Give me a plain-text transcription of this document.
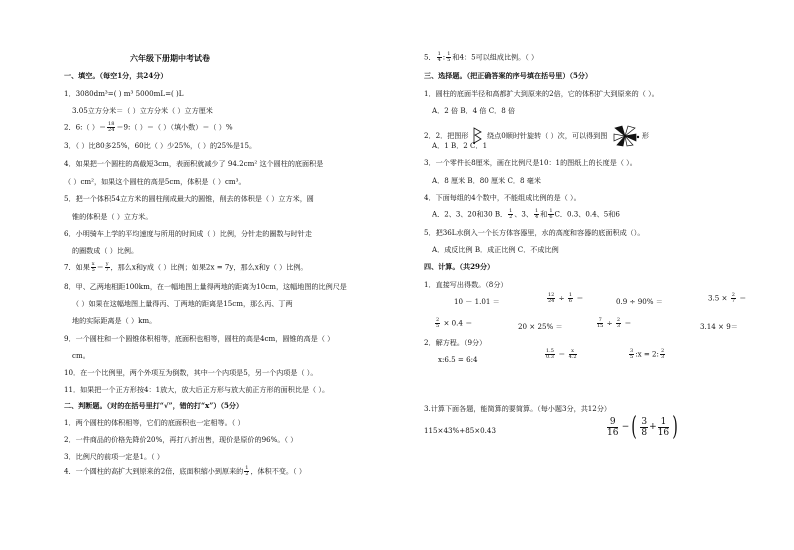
六年级下册期中考试卷
一、填空。（每空1分，共24分）
1．3080dm³=( ) m³ 5000mL=( )L
3.05立方分米＝（ ）立方分米（ ）立方厘米
2．6:（ ）＝ $\frac{18}{24}$ ＝9:（ ）＝（ ）（填小数）＝（ ）%
3．（ ）比80多25%，60比（ ）少25%，（ ）的25%是15。
4．如果把一个圆柱的高截短3cm，表面积就减少了 94.2cm² 这个圆柱的底面积是
（ ）cm²，如果这个圆柱的高是5cm，体积是（ ）cm³。
5．把一个体积54立方米的圆柱削成最大的圆锥，削去的体积是（ ）立方米，圆
锥的体积是（ ）立方米。
6．小明骑车上学的平均速度与所用的时间成（ ）比例，分针走的圈数与时针走
的圈数成（ ）比例。
7．如果 $\frac{x}{5} = \frac{y}{7}$ ，那么x和y成（ ）比例；如果2x = 7y，那么x和y（ ）比例。
8．甲、乙两地相距100km，在一幅地图上量得两地的距离为10cm，这幅地图的比例尺是
（ ）如果在这幅地图上量得丙、丁两地的距离是15cm，那么丙、丁两
地的实际距离是（ ）km。
9．一个圆柱和一个圆锥体积相等，底面积也相等，圆柱的高是4cm，圆锥的高是（ ）
cm。
10．在一个比例里，两个外项互为倒数，其中一个内项是5，另一个内项是（ ）。
11．如果把一个正方形按4：1放大，放大后正方形与放大前正方形的面积比是（ ）。
二、判断题。（对的在括号里打“√”，错的打“x”）（5分）
1．两个圆柱的体积相等，它们的底面积也一定相等。（ ）
2．一件商品的价格先降价20%，再打八折出售，现价是原价的96%。（ ）
3．比例尺的前项一定是1。（ ）
4．一个圆柱的高扩大到原来的2倍，底面积缩小到原来的 $\frac{1}{2}$ ，体积不变。（ ）
5． $\frac{1}{4}$ : $\frac{1}{5}$ 和4：5可以组成比例。（ ）
三、选择题。（把正确答案的序号填在括号里）（5分）
1．圆柱的底面半径和高都扩大到原来的2倍，它的体积扩大到原来的（ ）。
A．2 倍 B．4 倍 C．8 倍
2．2．把图形	绕点0顺时针旋转（ ）次，可以得到图	形
A．1 B．2 C．1
3．一个零件长8厘米，画在比例尺是10：1的图纸上的长度是（ ）。
A．8 厘米 B．80 厘米 C．8 毫米
4．下面每组的4个数中，不能组成比例的是（ ）。
A．2、3、20和30 B． $\frac{1}{2}$ 、3、 $\frac{1}{4}$ 和 $\frac{1}{6}$ C．0.3、0.4、5和6
5．把36L水倒入一个长方体容器里，水的高度和容器的底面积成（）。
A．成反比例 B．成正比例 C．不成比例
四、计算。（共29分）
1．直接写出得数。（8分）
10 － 1.01 ＝	$\frac{12}{24} \div \frac{1}{6}$ ＝	0.9 ÷ 90% ＝	$3.5 \times \frac{2}{7}$ ＝
$\frac{2}{5} \times 0.4$ ＝	20 × 25% ＝	$\frac{7}{15} \div \frac{2}{3}$ ＝	3.14 × 9＝
2．解方程。（9分）
x:6.5 = 6:4	$\frac{1.5}{0.3} = \frac{x}{4.2}$	$\frac{3}{5}$ :x = 2: $\frac{2}{3}$
3.计算下面各题，能简算的要简算。（每小题3分，共12分）
115×43%+85×0.43	$\frac{9}{16}$ −( $\frac{3}{8} + \frac{1}{16}$ )
